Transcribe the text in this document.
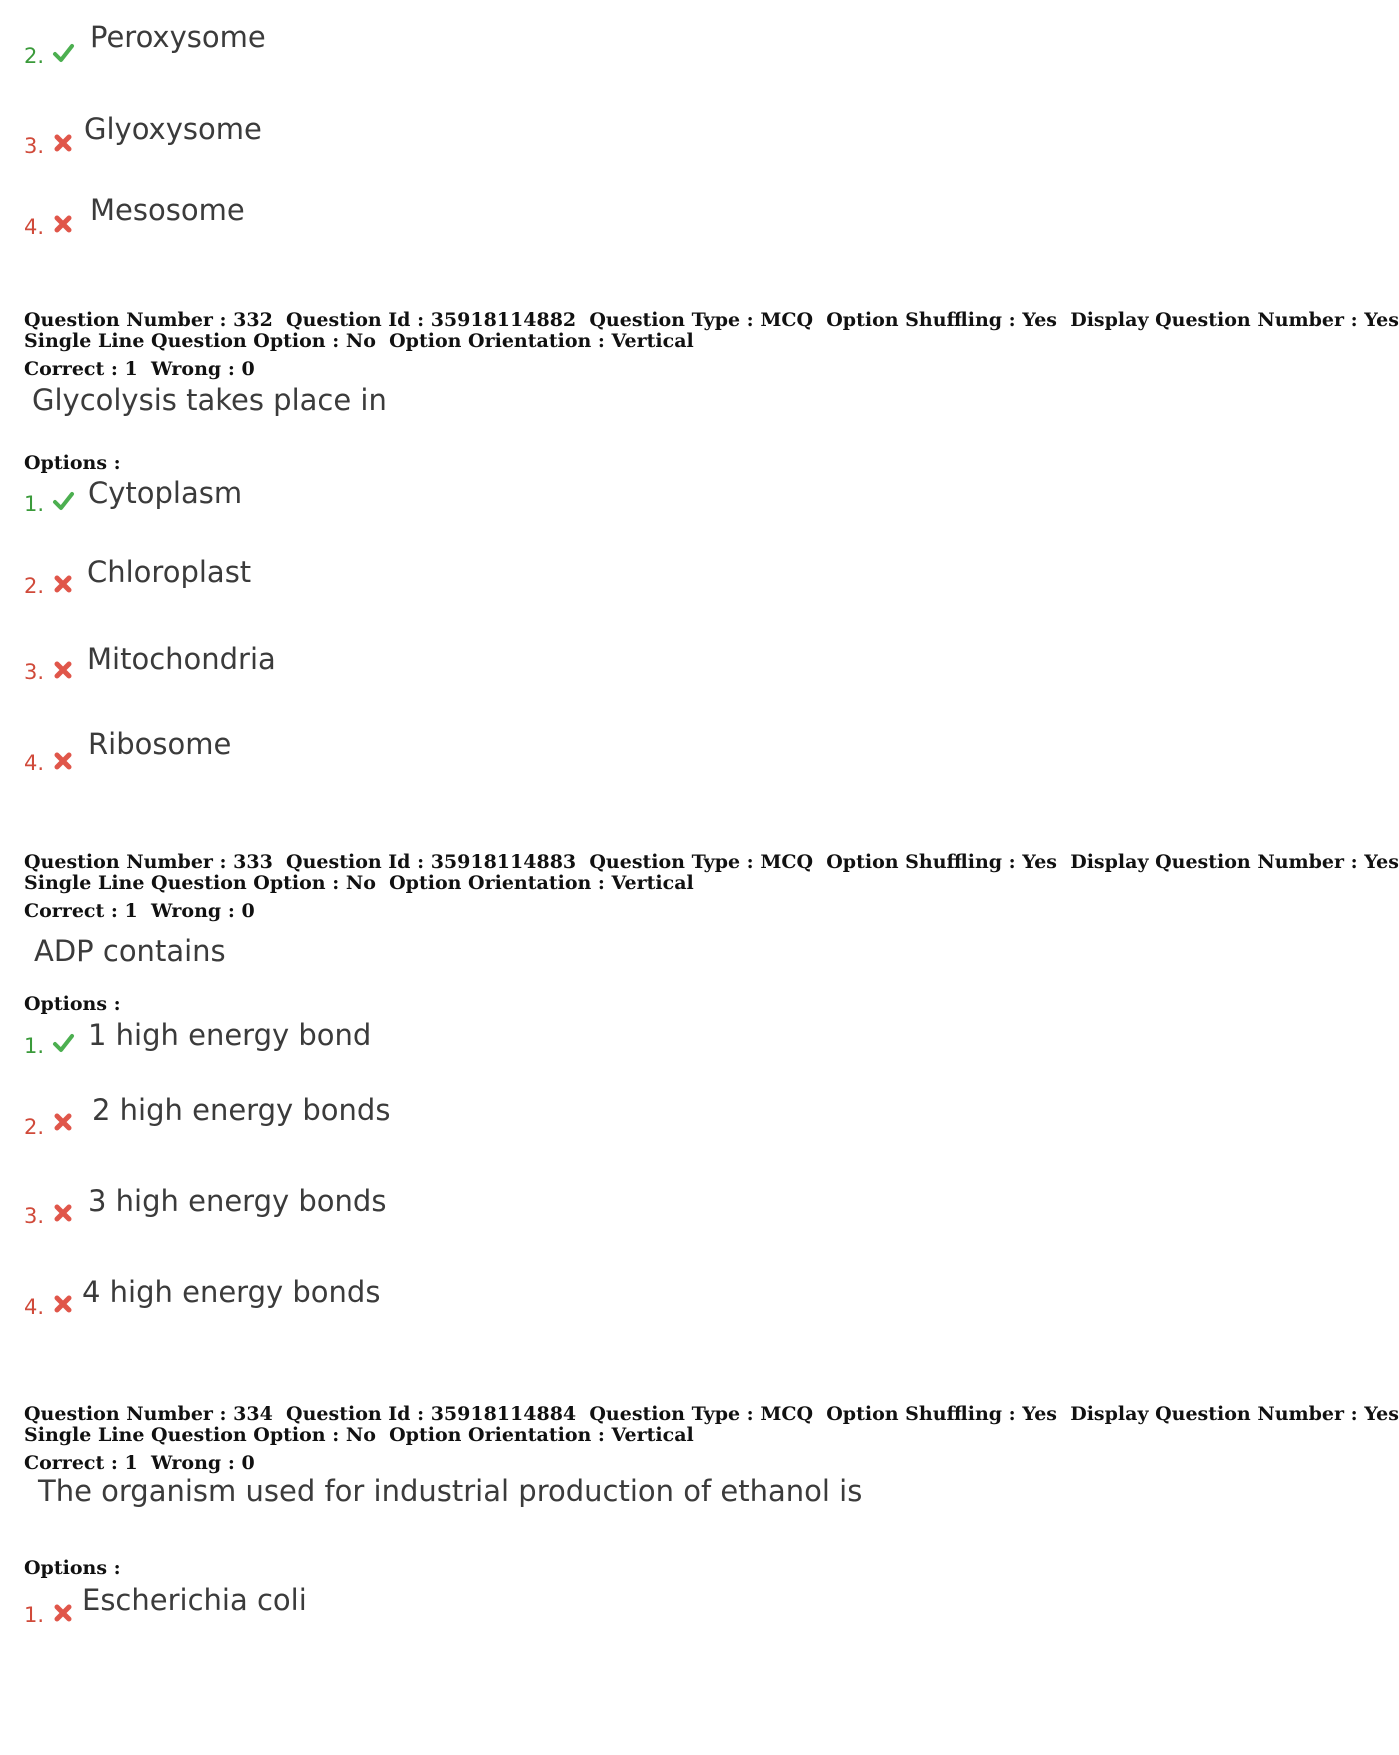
2.
Peroxysome
3. Glyoxysome
4. Mesosome
Question Number : 332  Question Id : 35918114882  Question Type : MCQ  Option Shuffling : Yes  Display Question Number : Yes
Single Line Question Option : No  Option Orientation : Vertical
Correct : 1  Wrong : 0
Glycolysis takes place in
Options :
1. Cytoplasm
2. Chloroplast
3. Mitochondria
4.
Ribosome
Question Number : 333  Question Id : 35918114883  Question Type : MCQ  Option Shuffling : Yes  Display Question Number : Yes
Single Line Question Option : No  Option Orientation : Vertical
Correct : 1  Wrong : 0
ADP contains
Options :
1. 1 high energy bond
2. 2 high energy bonds
3. 3 high energy bonds
4. 4 high energy bonds
Question Number : 334  Question Id : 35918114884  Question Type : MCQ  Option Shuffling : Yes  Display Question Number : Yes
Single Line Question Option : No  Option Orientation : Vertical
Correct : 1  Wrong : 0
The organism used for industrial production of ethanol is
Options :
1. Escherichia coli
